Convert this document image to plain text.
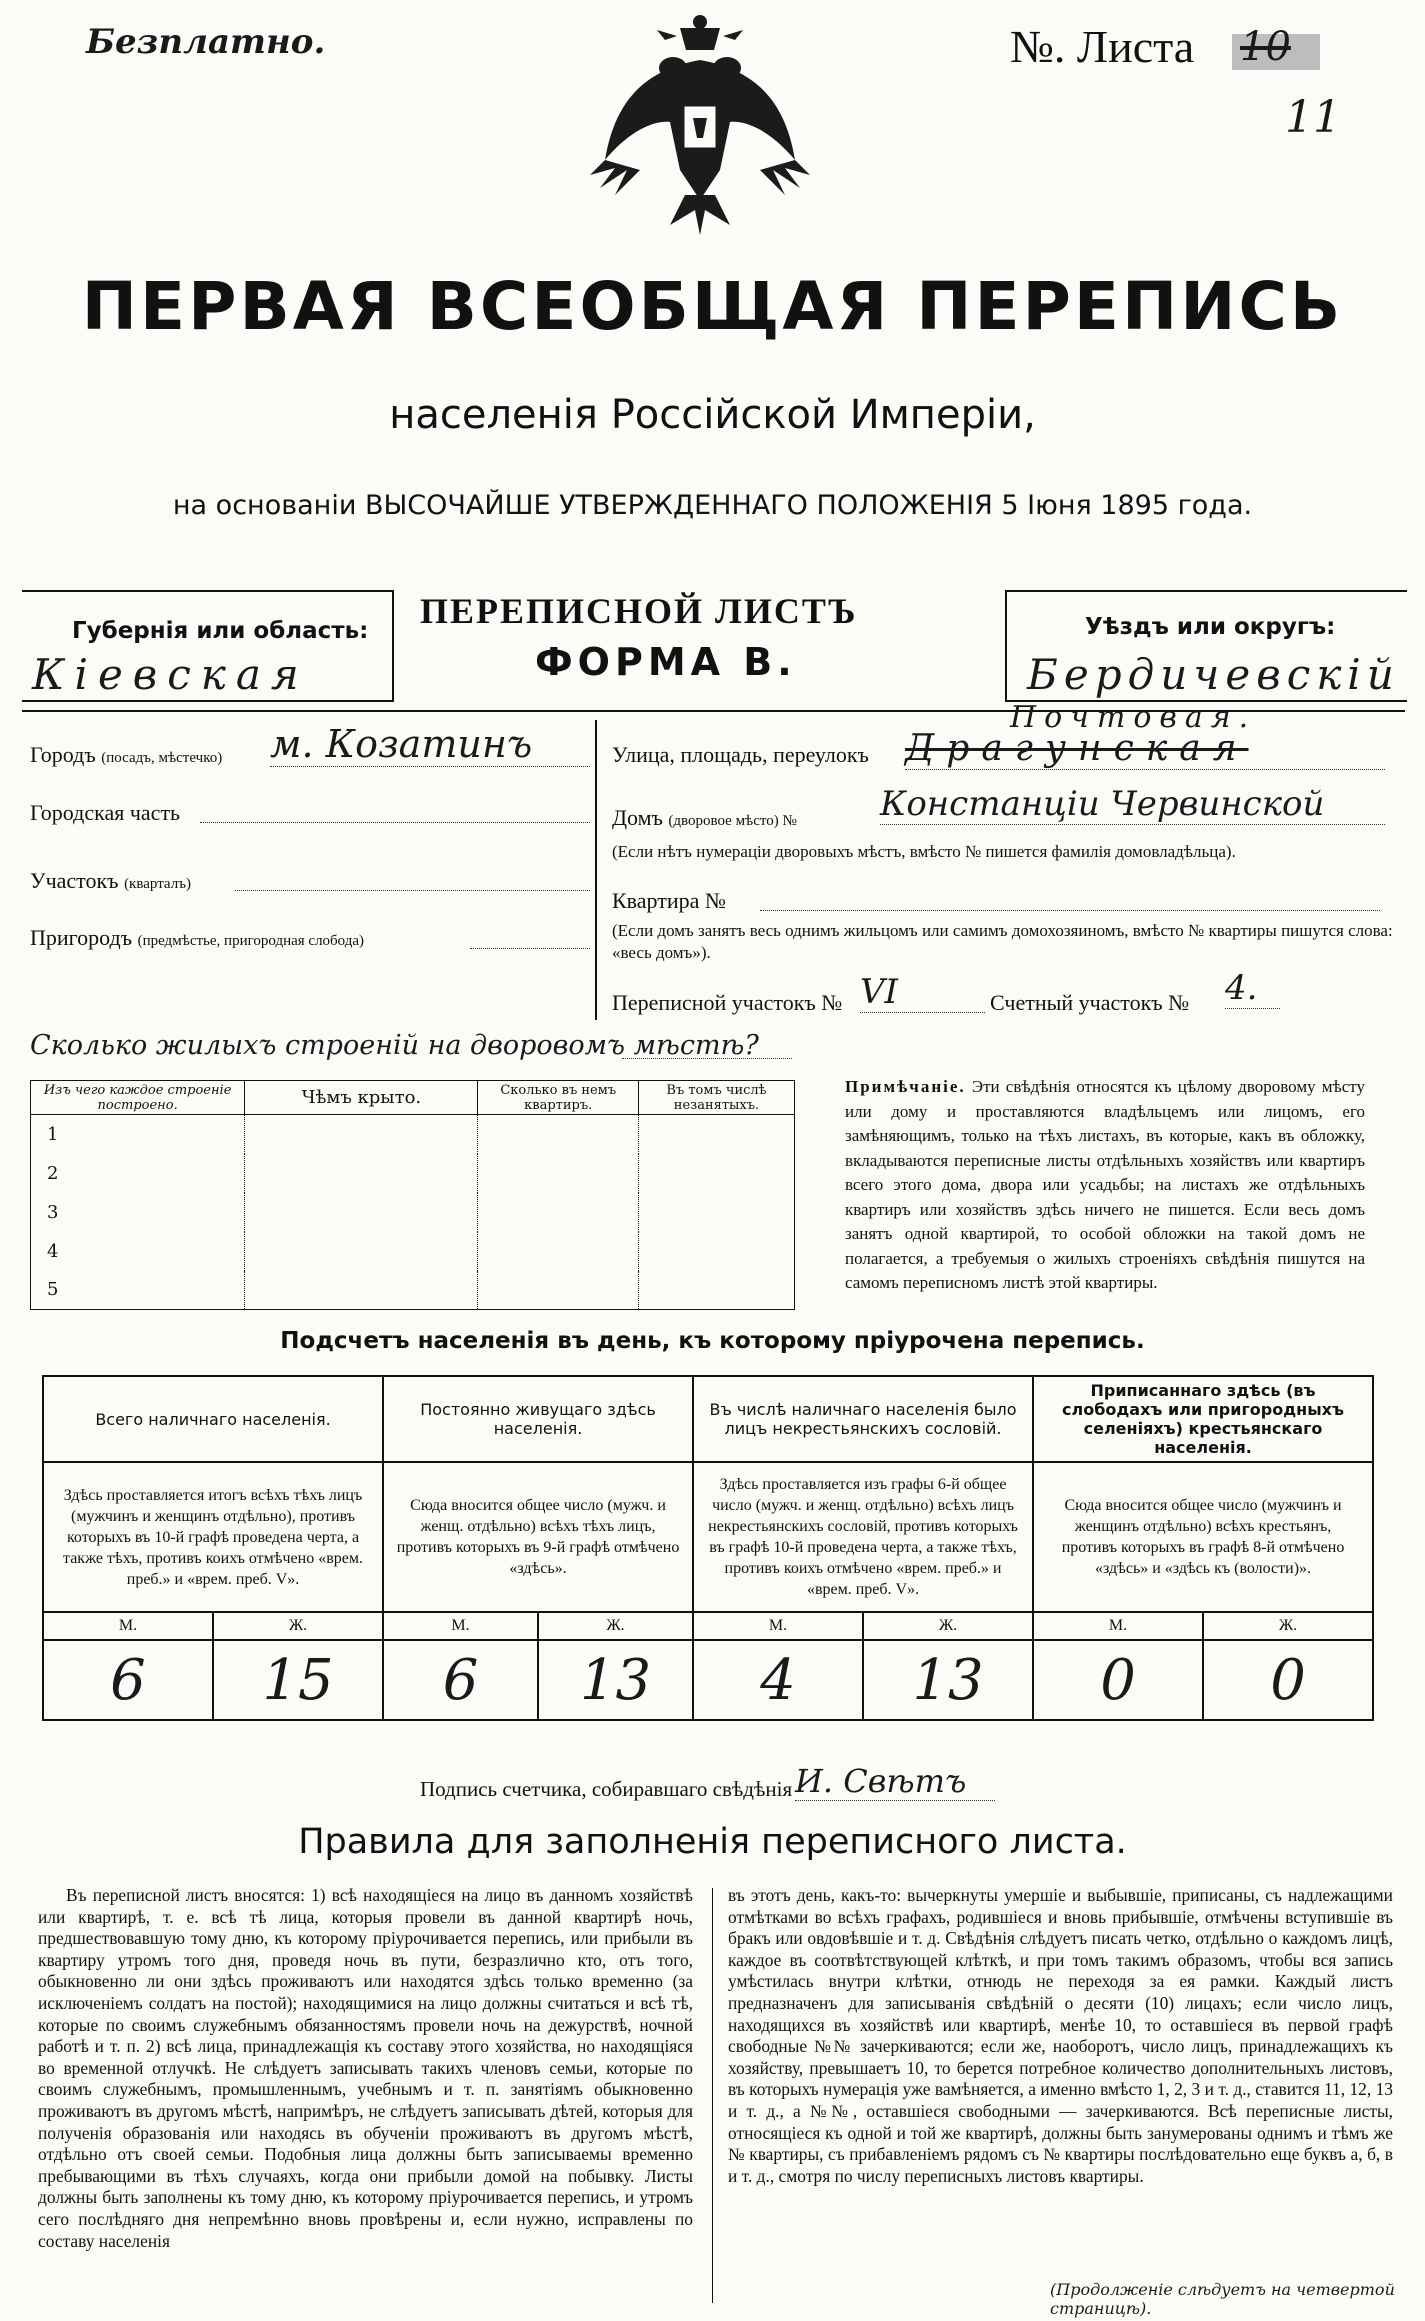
Безплатно.	№. Листа 10
11
ПЕРВАЯ ВСЕОБЩАЯ ПЕРЕПИСЬ
населенія Россійской Имперіи,
на основаніи ВЫСОЧАЙШЕ УТВЕРЖДЕННАГО ПОЛОЖЕНІЯ 5 Іюня 1895 года.
Губернія или область:
Кіевская
ПЕРЕПИСНОЙ ЛИСТЪ
ФОРМА В.
Уѣздъ или округъ:
Бердичевскій
Городъ (посадъ, мѣстечко)	м. Козатинъ
Городская часть
Участокъ (кварталъ)
Пригородъ (предмѣстье, пригородная слобода)
Улица, площадь, переулокъ
Почтовая.
Драгунская
Домъ (дворовое мѣсто) № Констанціи Червинской
(Если нѣтъ нумераціи дворовыхъ мѣстъ, вмѣсто № пишется фамилія домовладѣльца).
Квартира №
(Если домъ занятъ весь однимъ жильцомъ или самимъ домохозяиномъ, вмѣсто № квартиры пишутся слова: «весь домъ»).
Переписной участокъ № VI	Счетный участокъ № 4.
Сколько жилыхъ строеній на дворовомъ мѣстѣ?
Изъ чего каждое строеніе построено.	Чѣмъ крыто.	Сколько въ немъ квартиръ.	Въ томъ числѣ незанятыхъ.
1			
2			
3			
4			
5			
Примѣчаніе. Эти свѣдѣнія относятся къ цѣлому дворовому мѣсту или дому и проставляются владѣльцемъ или лицомъ, его замѣняющимъ, только на тѣхъ листахъ, въ которые, какъ въ обложку, вкладываются переписные листы отдѣльныхъ хозяйствъ или квартиръ всего этого дома, двора или усадьбы; на листахъ же отдѣльныхъ квартиръ или хозяйствъ здѣсь ничего не пишется. Если весь домъ занятъ одной квартирой, то особой обложки на такой домъ не полагается, а требуемыя о жилыхъ строеніяхъ свѣдѣнія пишутся на самомъ переписномъ листѣ этой квартиры.
Подсчетъ населенія въ день, къ которому пріурочена перепись.
Всего наличнаго населенія.		Постоянно живущаго здѣсь населенія.		Въ числѣ наличнаго населенія было лицъ некрестьянскихъ сословій.		Приписаннаго здѣсь (въ слободахъ или пригородныхъ селеніяхъ) крестьянскаго населенія.	
Здѣсь проставляется итогъ всѣхъ тѣхъ лицъ (мужчинъ и женщинъ отдѣльно), противъ которыхъ въ 10-й графѣ проведена черта, а также тѣхъ, противъ коихъ отмѣчено «врем. преб.» и «врем. преб. V».		Сюда вносится общее число (мужч. и женщ. отдѣльно) всѣхъ тѣхъ лицъ, противъ которыхъ въ 9-й графѣ отмѣчено «здѣсь».		Здѣсь проставляется изъ графы 6-й общее число (мужч. и женщ. отдѣльно) всѣхъ лицъ некрестьянскихъ сословій, противъ которыхъ въ графѣ 10-й проведена черта, а также тѣхъ, противъ коихъ отмѣчено «врем. преб.» и «врем. преб. V».		Сюда вносится общее число (мужчинъ и женщинъ отдѣльно) всѣхъ крестьянъ, противъ которыхъ въ графѣ 8-й отмѣчено «здѣсь» и «здѣсь къ (волости)».	
М.	Ж.	М.	Ж.	М.	Ж.	М.	Ж.
6	15	6	13	4	13	0	0
Подпись счетчика, собиравшаго свѣдѣнія И. Свѣтъ
Правила для заполненія переписного листа.
Въ переписной листъ вносятся: 1) всѣ находящіеся на лицо въ данномъ хозяйствѣ или квартирѣ, т. е. всѣ тѣ лица, которыя провели въ данной квартирѣ ночь, предшествовавшую тому дню, къ которому пріурочивается перепись, или прибыли въ квартиру утромъ того дня, проведя ночь въ пути, безразлично кто, отъ того, обыкновенно ли они здѣсь проживаютъ или находятся здѣсь только временно (за исключеніемъ солдатъ на постой); находящимися на лицо должны считаться и всѣ тѣ, которые по своимъ служебнымъ обязанностямъ провели ночь на дежурствѣ, ночной работѣ и т. п. 2) всѣ лица, принадлежащія къ составу этого хозяйства, но находящіяся во временной отлучкѣ. Не слѣдуетъ записывать такихъ членовъ семьи, которые по своимъ служебнымъ, промышленнымъ, учебнымъ и т. п. занятіямъ обыкновенно проживаютъ въ другомъ мѣстѣ, напримѣръ, не слѣдуетъ записывать дѣтей, которыя для полученія образованія или находясь въ обученіи проживаютъ въ другомъ мѣстѣ, отдѣльно отъ своей семьи. Подобныя лица должны быть записываемы временно пребывающими въ тѣхъ случаяхъ, когда они прибыли домой на побывку. Листы должны быть заполнены къ тому дню, къ которому пріурочивается перепись, и утромъ сего послѣдняго дня непремѣнно вновь провѣрены и, если нужно, исправлены по составу населенія
въ этотъ день, какъ-то: вычеркнуты умершіе и выбывшіе, приписаны, съ надлежащими отмѣтками во всѣхъ графахъ, родившіеся и вновь прибывшіе, отмѣчены вступившіе въ бракъ или овдовѣвшіе и т. д. Свѣдѣнія слѣдуетъ писать четко, отдѣльно о каждомъ лицѣ, каждое въ соотвѣтствующей клѣткѣ, и при томъ такимъ образомъ, чтобы вся запись умѣстилась внутри клѣтки, отнюдь не переходя за ея рамки. Каждый листъ предназначенъ для записыванія свѣдѣній о десяти (10) лицахъ; если число лицъ, находящихся въ хозяйствѣ или квартирѣ, менѣе 10, то оставшіеся въ первой графѣ свободные №№ зачеркиваются; если же, наоборотъ, число лицъ, принадлежащихъ къ хозяйству, превышаетъ 10, то берется потребное количество дополнительныхъ листовъ, въ которыхъ нумерація уже вамѣняется, а именно вмѣсто 1, 2, 3 и т. д., ставится 11, 12, 13 и т. д., а №№, оставшіеся свободными — зачеркиваются. Всѣ переписные листы, относящіеся къ одной и той же квартирѣ, должны быть занумерованы однимъ и тѣмъ же № квартиры, съ прибавленіемъ рядомъ съ № квартиры послѣдовательно еще буквъ а, б, в и т. д., смотря по числу переписныхъ листовъ квартиры.
(Продолженіе слѣдуетъ на четвертой страницѣ).
